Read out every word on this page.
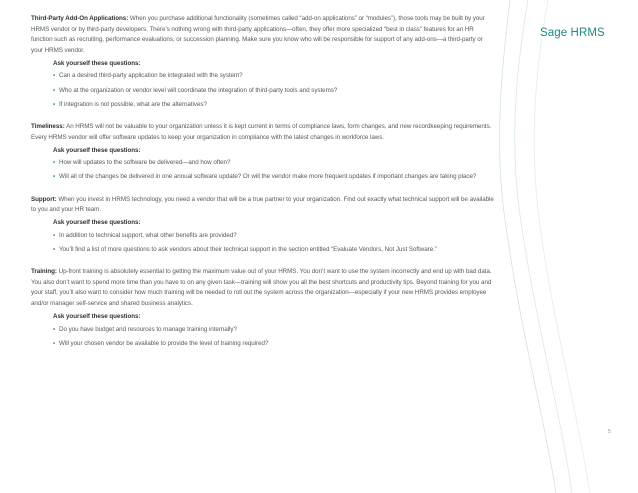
Sage HRMS

Third-Party Add-On Applications: When you purchase additional functionality (sometimes called “add-on applications” or “modules”), those tools may be built by your HRMS vendor or by third-party developers. There’s nothing wrong with third-party applications—often, they offer more specialized “best in class” features for an HR function such as recruiting, performance evaluations, or succession planning. Make sure you know who will be responsible for support of any add-ons—a third-party or your HRMS vendor.

Ask yourself these questions:
• Can a desired third-party application be integrated with the system?
• Who at the organization or vendor level will coordinate the integration of third-party tools and systems?
• If integration is not possible, what are the alternatives?

Timeliness: An HRMS will not be valuable to your organization unless it is kept current in terms of compliance laws, form changes, and new recordkeeping requirements. Every HRMS vendor will offer software updates to keep your organization in compliance with the latest changes in workforce laws.

Ask yourself these questions:
• How will updates to the software be delivered—and how often?
• Will all of the changes be delivered in one annual software update? Or will the vendor make more frequent updates if important changes are taking place?

Support: When you invest in HRMS technology, you need a vendor that will be a true partner to your organization. Find out exactly what technical support will be available to you and your HR team.

Ask yourself these questions:
• In addition to technical support, what other benefits are provided?
• You’ll find a list of more questions to ask vendors about their technical support in the section entitled “Evaluate Vendors, Not Just Software.”

Training: Up-front training is absolutely essential to getting the maximum value out of your HRMS. You don’t want to use the system incorrectly and end up with bad data. You also don’t want to spend more time than you have to on any given task—training will show you all the best shortcuts and productivity tips. Beyond training for you and your staff, you’ll also want to consider how much training will be needed to roll out the system across the organization—especially if your new HRMS provides employee and/or manager self-service and shared business analytics.

Ask yourself these questions:
• Do you have budget and resources to manage training internally?
• Will your chosen vendor be available to provide the level of training required?
5
